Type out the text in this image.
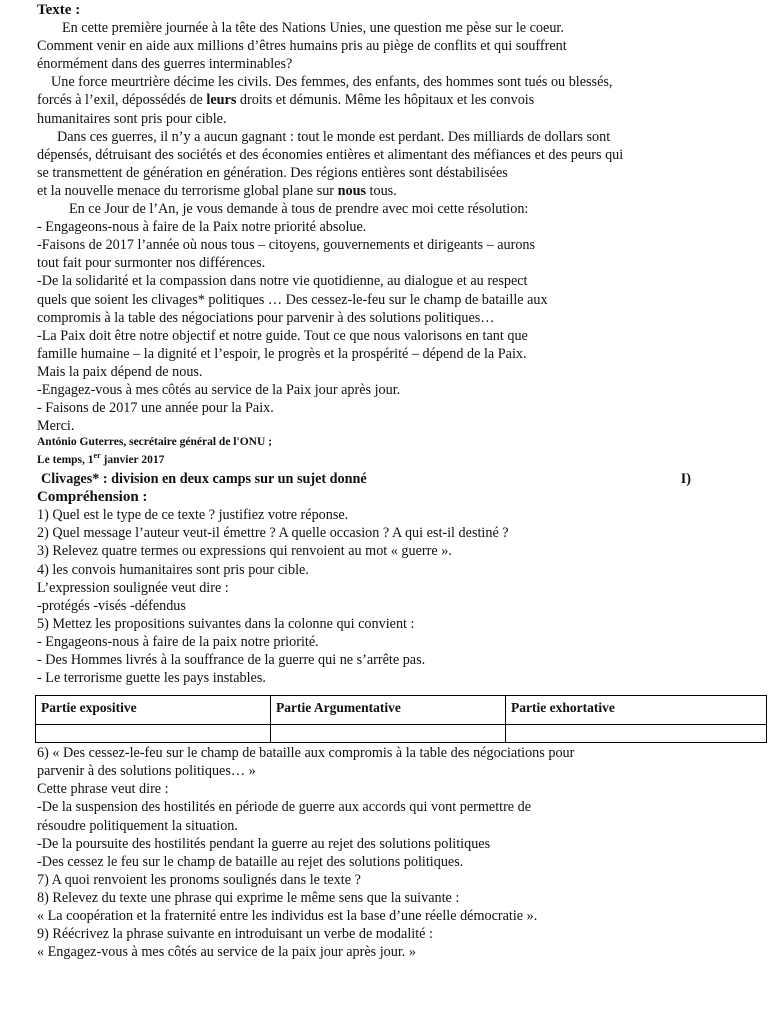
Texte :
En cette première journée à la tête des Nations Unies, une question me pèse sur le coeur.
Comment venir en aide aux millions d’êtres humains pris au piège de conflits et qui souffrent
énormément dans des guerres interminables?
Une force meurtrière décime les civils. Des femmes, des enfants, des hommes sont tués ou blessés,
forcés à l’exil, dépossédés de leurs droits et démunis. Même les hôpitaux et les convois
humanitaires sont pris pour cible.
Dans ces guerres, il n’y a aucun gagnant : tout le monde est perdant. Des milliards de dollars sont
dépensés, détruisant des sociétés et des économies entières et alimentant des méfiances et des peurs qui
se transmettent de génération en génération. Des régions entières sont déstabilisées
et la nouvelle menace du terrorisme global plane sur nous tous.
En ce Jour de l’An, je vous demande à tous de prendre avec moi cette résolution:
- Engageons-nous à faire de la Paix notre priorité absolue.
-Faisons de 2017 l’année où nous tous – citoyens, gouvernements et dirigeants – aurons
tout fait pour surmonter nos différences.
-De la solidarité et la compassion dans notre vie quotidienne, au dialogue et au respect
quels que soient les clivages* politiques … Des cessez-le-feu sur le champ de bataille aux
compromis à la table des négociations pour parvenir à des solutions politiques…
-La Paix doit être notre objectif et notre guide. Tout ce que nous valorisons en tant que
famille humaine – la dignité et l’espoir, le progrès et la prospérité – dépend de la Paix.
Mais la paix dépend de nous.
-Engagez-vous à mes côtés au service de la Paix jour après jour.
- Faisons de 2017 une année pour la Paix.
Merci.
António Guterres, secrétaire général de l'ONU ;
Le temps, 1er janvier 2017
Clivages* : division en deux camps sur un sujet donné	I)
Compréhension :
1) Quel est le type de ce texte ? justifiez votre réponse.
2) Quel message l’auteur veut-il émettre ? A quelle occasion ? A qui est-il destiné ?
3) Relevez quatre termes ou expressions qui renvoient au mot « guerre ».
4) les convois humanitaires sont pris pour cible.
L’expression soulignée veut dire :
-protégés -visés -défendus
5) Mettez les propositions suivantes dans la colonne qui convient :
- Engageons-nous à faire de la paix notre priorité.
- Des Hommes livrés à la souffrance de la guerre qui ne s’arrête pas.
- Le terrorisme guette les pays instables.
Partie expositive	Partie Argumentative	Partie exhortative

6) « Des cessez-le-feu sur le champ de bataille aux compromis à la table des négociations pour
parvenir à des solutions politiques… »
Cette phrase veut dire :
-De la suspension des hostilités en période de guerre aux accords qui vont permettre de
résoudre politiquement la situation.
-De la poursuite des hostilités pendant la guerre au rejet des solutions politiques
-Des cessez le feu sur le champ de bataille au rejet des solutions politiques.
7) A quoi renvoient les pronoms soulignés dans le texte ?
8) Relevez du texte une phrase qui exprime le même sens que la suivante :
« La coopération et la fraternité entre les individus est la base d’une réelle démocratie ».
9) Réécrivez la phrase suivante en introduisant un verbe de modalité :
« Engagez-vous à mes côtés au service de la paix jour après jour. »
